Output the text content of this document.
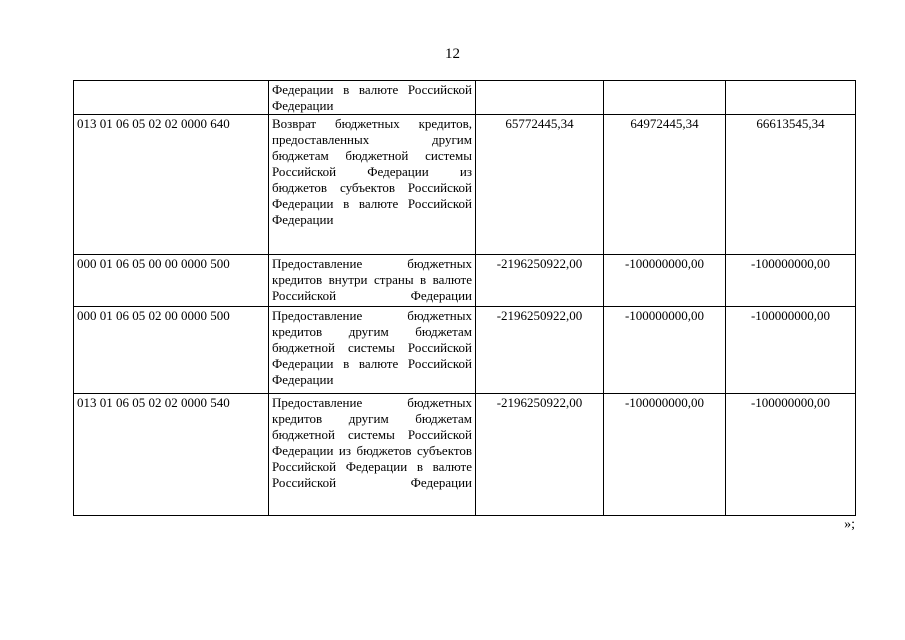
12
	Федерации в валюте Российской Федерации			
013 01 06 05 02 02 0000 640	Возврат бюджетных кредитов, предоставленных другим бюджетам бюджетной системы Российской Федерации из бюджетов субъектов Российской Федерации в валюте Российской Федерации	65772445,34	64972445,34	66613545,34
000 01 06 05 00 00 0000 500	Предоставление бюджетных кредитов внутри страны в валюте Российской Федерации	-2196250922,00	-100000000,00	-100000000,00
000 01 06 05 02 00 0000 500	Предоставление бюджетных кредитов другим бюджетам бюджетной системы Российской Федерации в валюте Российской Федерации	-2196250922,00	-100000000,00	-100000000,00
013 01 06 05 02 02 0000 540	Предоставление бюджетных кредитов другим бюджетам бюджетной системы Российской Федерации из бюджетов субъектов Российской Федерации в валюте Российской Федерации	-2196250922,00	-100000000,00	-100000000,00
»;
